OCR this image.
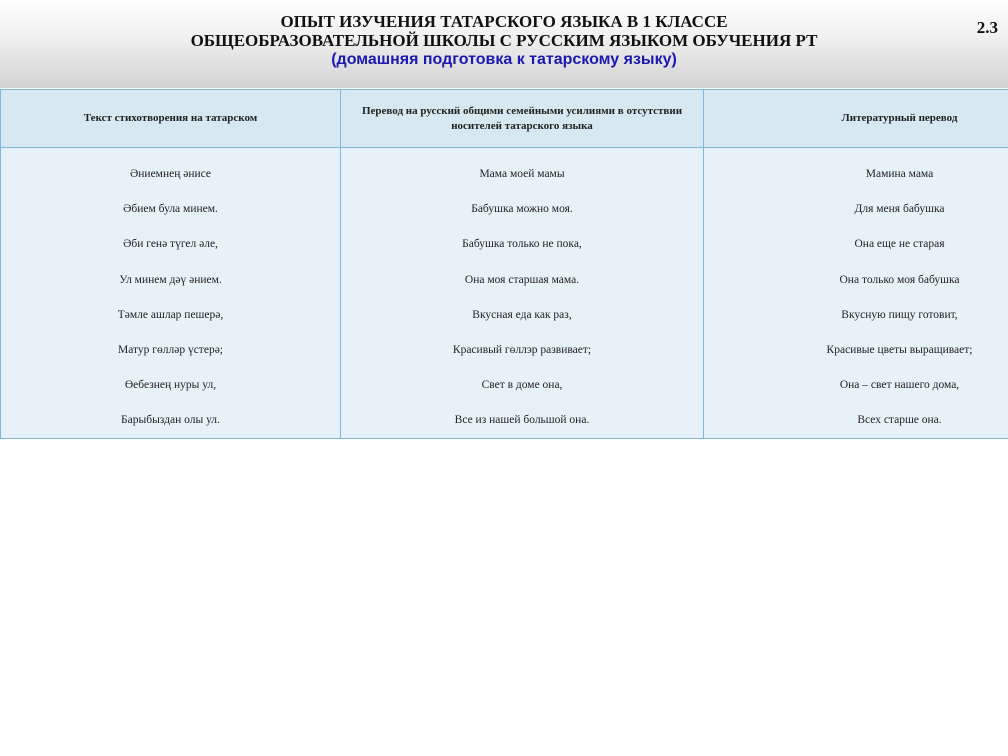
ОПЫТ ИЗУЧЕНИЯ ТАТАРСКОГО ЯЗЫКА В 1 КЛАССЕ
ОБЩЕОБРАЗОВАТЕЛЬНОЙ ШКОЛЫ С РУССКИМ ЯЗЫКОМ ОБУЧЕНИЯ РТ
(домашняя подготовка к татарскому языку)
2.3
Текст стихотворения на татарском	Перевод на русский общими семейными усилиями в отсутствии носителей татарского языка	Литературный перевод
Әниемнең әнисе	Мама моей мамы	Мамина мама
Әбием була минем.	Бабушка можно моя.	Для меня бабушка
Әби генә түгел әле,	Бабушка только не пока,	Она еще не старая
Ул минем дәү әнием.	Она моя старшая мама.	Она только моя бабушка
Тәмле ашлар пешерә,	Вкусная еда как раз,	Вкусную пищу готовит,
Матур гөлләр үстерә;	Красивый гөллэр развивает;	Красивые цветы выращивает;
Өебезнең нуры ул,	Свет в доме она,	Она – свет нашего дома,
Барыбыздан олы ул.	Все из нашей большой она.	Всех старше она.
